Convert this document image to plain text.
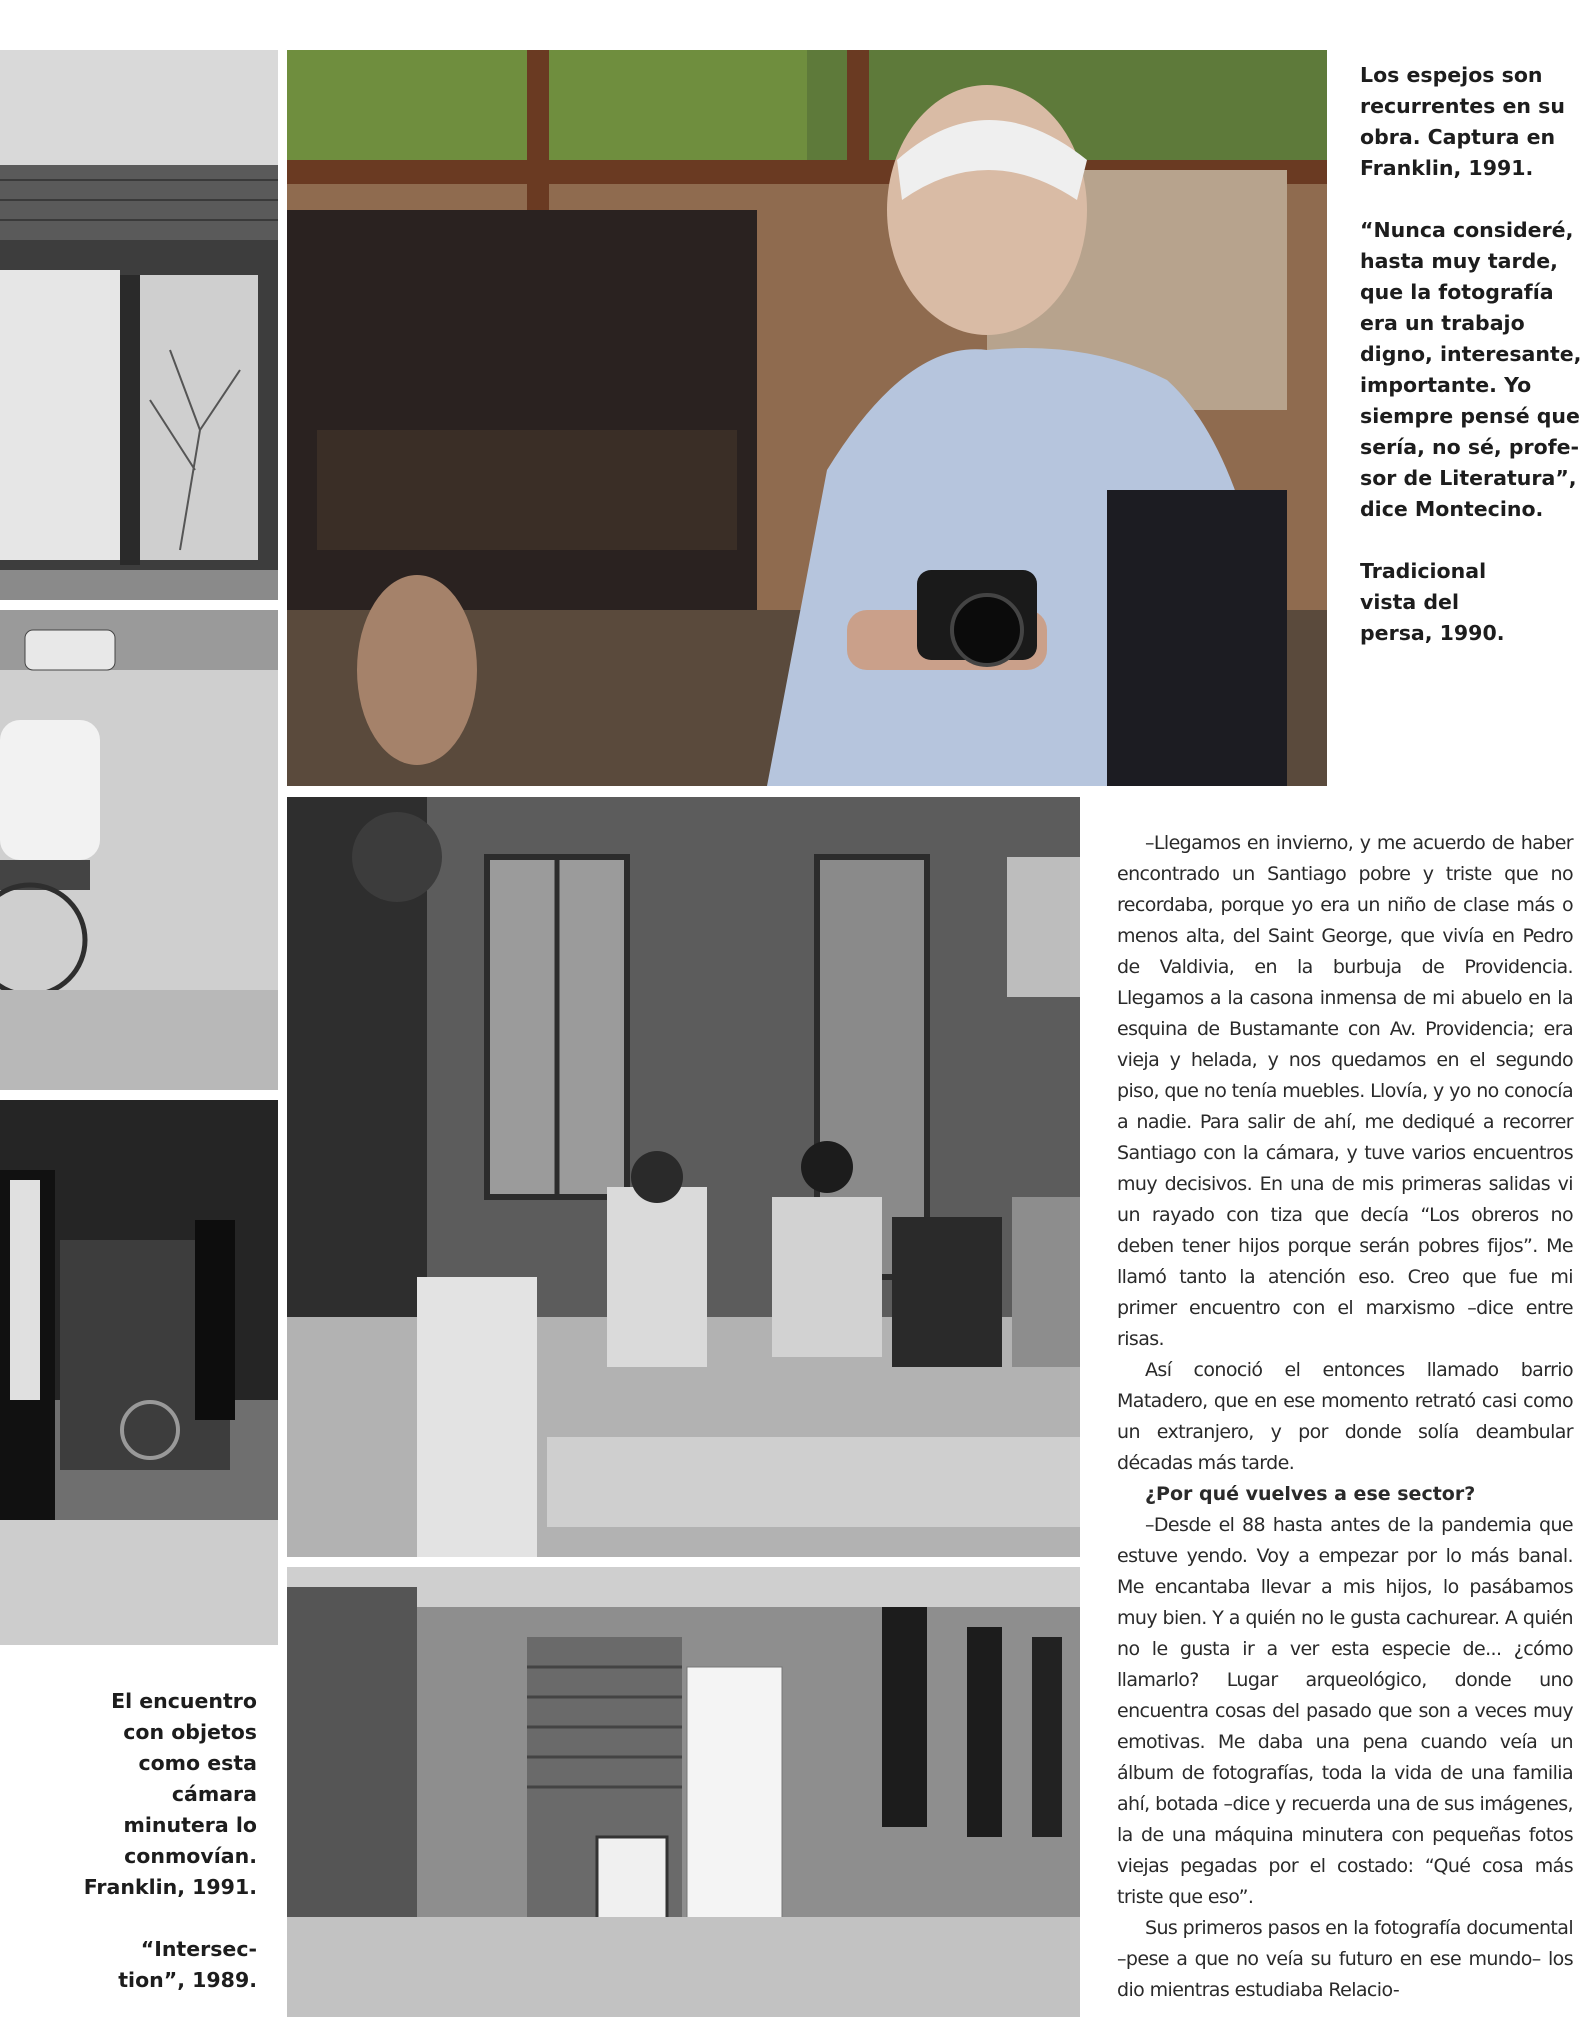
Los espejos son
recurrentes en su
obra. Captura en
Franklin, 1991.

“Nunca consideré,
hasta muy tarde,
que la fotografía
era un trabajo
digno, interesante,
importante. Yo
siempre pensé que
sería, no sé, profe-
sor de Literatura”,
dice Montecino.

Tradicional
vista del
persa, 1990.

El encuentro
con objetos
como esta
cámara
minutera lo
conmovían.
Franklin, 1991.

“Intersec-
tion”, 1989.

–Llegamos en invierno, y me acuerdo de haber encontrado un Santiago pobre y triste que no recordaba, porque yo era un niño de clase más o menos alta, del Saint George, que vivía en Pedro de Valdivia, en la burbuja de Providencia. Llegamos a la casona inmensa de mi abuelo en la esquina de Bustamante con Av. Providencia; era vieja y helada, y nos quedamos en el segundo piso, que no tenía muebles. Llovía, y yo no conocía a nadie. Para salir de ahí, me dediqué a recorrer Santiago con la cámara, y tuve varios encuentros muy decisivos. En una de mis primeras salidas vi un rayado con tiza que decía “Los obreros no deben tener hijos porque serán pobres fijos”. Me llamó tanto la atención eso. Creo que fue mi primer encuentro con el marxismo –dice entre risas.

Así conoció el entonces llamado barrio Matadero, que en ese momento retrató casi como un extranjero, y por donde solía deambular décadas más tarde.

¿Por qué vuelves a ese sector?

–Desde el 88 hasta antes de la pandemia que estuve yendo. Voy a empezar por lo más banal. Me encantaba llevar a mis hijos, lo pasábamos muy bien. Y a quién no le gusta cachurear. A quién no le gusta ir a ver esta especie de... ¿cómo llamarlo? Lugar arqueológico, donde uno encuentra cosas del pasado que son a veces muy emotivas. Me daba una pena cuando veía un álbum de fotografías, toda la vida de una familia ahí, botada –dice y recuerda una de sus imágenes, la de una máquina minutera con pequeñas fotos viejas pegadas por el costado: “Qué cosa más triste que eso”.

Sus primeros pasos en la fotografía documental –pese a que no veía su futuro en ese mundo– los dio mientras estudiaba Relacio-
